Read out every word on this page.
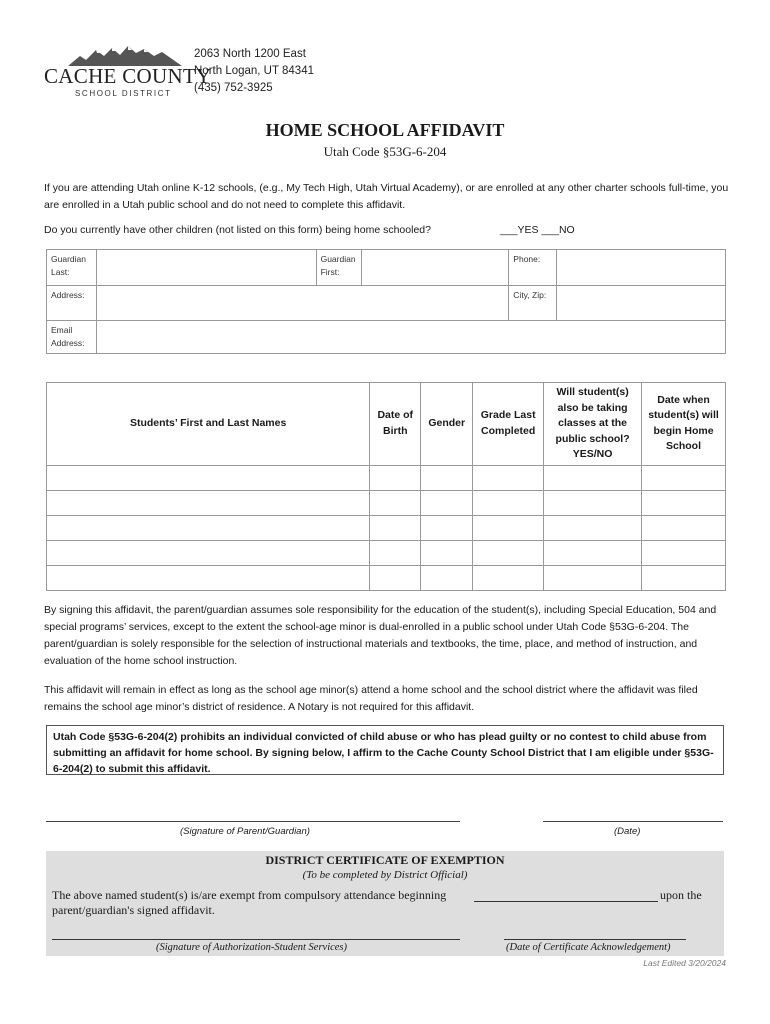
CACHE COUNTY
SCHOOL DISTRICT
2063 North 1200 East
North Logan, UT 84341
(435) 752-3925
HOME SCHOOL AFFIDAVIT
Utah Code §53G-6-204
If you are attending Utah online K-12 schools, (e.g., My Tech High, Utah Virtual Academy), or are enrolled at any other charter schools full-time, you are enrolled in a Utah public school and do not need to complete this affidavit.
Do you currently have other children (not listed on this form) being home schooled?	___YES ___NO
Guardian Last:		Guardian First:		Phone:	
Address:				City, Zip:	
Email Address:					
Students’ First and Last Names	Date of Birth	Gender	Grade Last Completed	Will student(s) also be taking classes at the public school? YES/NO	Date when student(s) will begin Home School

By signing this affidavit, the parent/guardian assumes sole responsibility for the education of the student(s), including Special Education, 504 and special programs’ services, except to the extent the school-age minor is dual-enrolled in a public school under Utah Code §53G-6-204. The parent/guardian is solely responsible for the selection of instructional materials and textbooks, the time, place, and method of instruction, and evaluation of the home school instruction.
This affidavit will remain in effect as long as the school age minor(s) attend a home school and the school district where the affidavit was filed remains the school age minor’s district of residence. A Notary is not required for this affidavit.
Utah Code §53G-6-204(2) prohibits an individual convicted of child abuse or who has plead guilty or no contest to child abuse from submitting an affidavit for home school. By signing below, I affirm to the Cache County School District that I am eligible under §53G-6-204(2) to submit this affidavit.
(Signature of Parent/Guardian)	(Date)
DISTRICT CERTIFICATE OF EXEMPTION
(To be completed by District Official)
The above named student(s) is/are exempt from compulsory attendance beginning parent/guardian's signed affidavit.
upon the
(Signature of Authorization-Student Services)	(Date of Certificate Acknowledgement)
Last Edited 3/20/2024
